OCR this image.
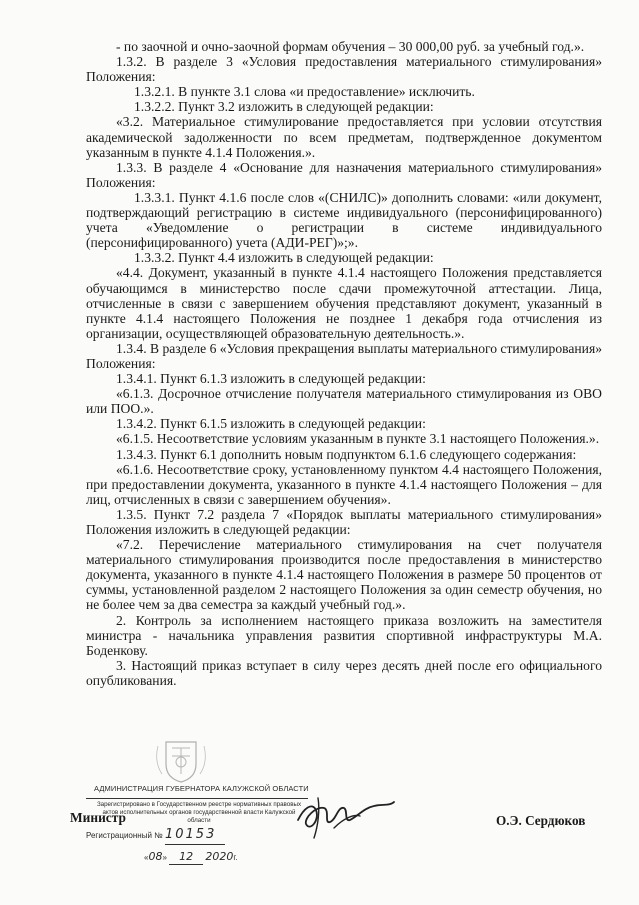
- по заочной и очно-заочной формам обучения – 30 000,00 руб. за учебный год.».

1.3.2. В разделе 3 «Условия предоставления материального стимулирования» Положения:

1.3.2.1. В пункте 3.1 слова «и предоставление» исключить.

1.3.2.2. Пункт 3.2 изложить в следующей редакции:

«3.2. Материальное стимулирование предоставляется при условии отсутствия академической задолженности по всем предметам, подтвержденное документом указанным в пункте 4.1.4 Положения.».

1.3.3. В разделе 4 «Основание для назначения материального стимулирования» Положения:

1.3.3.1. Пункт 4.1.6 после слов «(СНИЛС)» дополнить словами: «или документ, подтверждающий регистрацию в системе индивидуального (персонифицированного) учета «Уведомление о регистрации в системе индивидуального (персонифицированного) учета (АДИ-РЕГ)»;».

1.3.3.2. Пункт 4.4 изложить в следующей редакции:

«4.4. Документ, указанный в пункте 4.1.4 настоящего Положения представляется обучающимся в министерство после сдачи промежуточной аттестации. Лица, отчисленные в связи с завершением обучения представляют документ, указанный в пункте 4.1.4 настоящего Положения не позднее 1 декабря года отчисления из организации, осуществляющей образовательную деятельность.».

1.3.4. В разделе 6 «Условия прекращения выплаты материального стимулирования» Положения:

1.3.4.1. Пункт 6.1.3 изложить в следующей редакции:

«6.1.3. Досрочное отчисление получателя материального стимулирования из ОВО или ПОО.».

1.3.4.2. Пункт 6.1.5 изложить в следующей редакции:

«6.1.5. Несоответствие условиям указанным в пункте 3.1 настоящего Положения.».

1.3.4.3. Пункт 6.1 дополнить новым подпунктом 6.1.6 следующего содержания:

«6.1.6. Несоответствие сроку, установленному пунктом 4.4 настоящего Положения, при предоставлении документа, указанного в пункте 4.1.4 настоящего Положения – для лиц, отчисленных в связи с завершением обучения».

1.3.5. Пункт 7.2 раздела 7 «Порядок выплаты материального стимулирования» Положения изложить в следующей редакции:

«7.2. Перечисление материального стимулирования на счет получателя материального стимулирования производится после предоставления в министерство документа, указанного в пункте 4.1.4 настоящего Положения в размере 50 процентов от суммы, установленной разделом 2 настоящего Положения за один семестр обучения, но не более чем за два семестра за каждый учебный год.».

2. Контроль за исполнением настоящего приказа возложить на заместителя министра - начальника управления развития спортивной инфраструктуры М.А. Боденкову.

3. Настоящий приказ вступает в силу через десять дней после его официального опубликования.

АДМИНИСТРАЦИЯ ГУБЕРНАТОРА КАЛУЖСКОЙ ОБЛАСТИ
Зарегистрировано в Государственном реестре нормативных правовых актов исполнительных органов государственной власти Калужской области
Регистрационный № 10153
«08» 12 2020г.
Министр	О.Э. Сердюков
